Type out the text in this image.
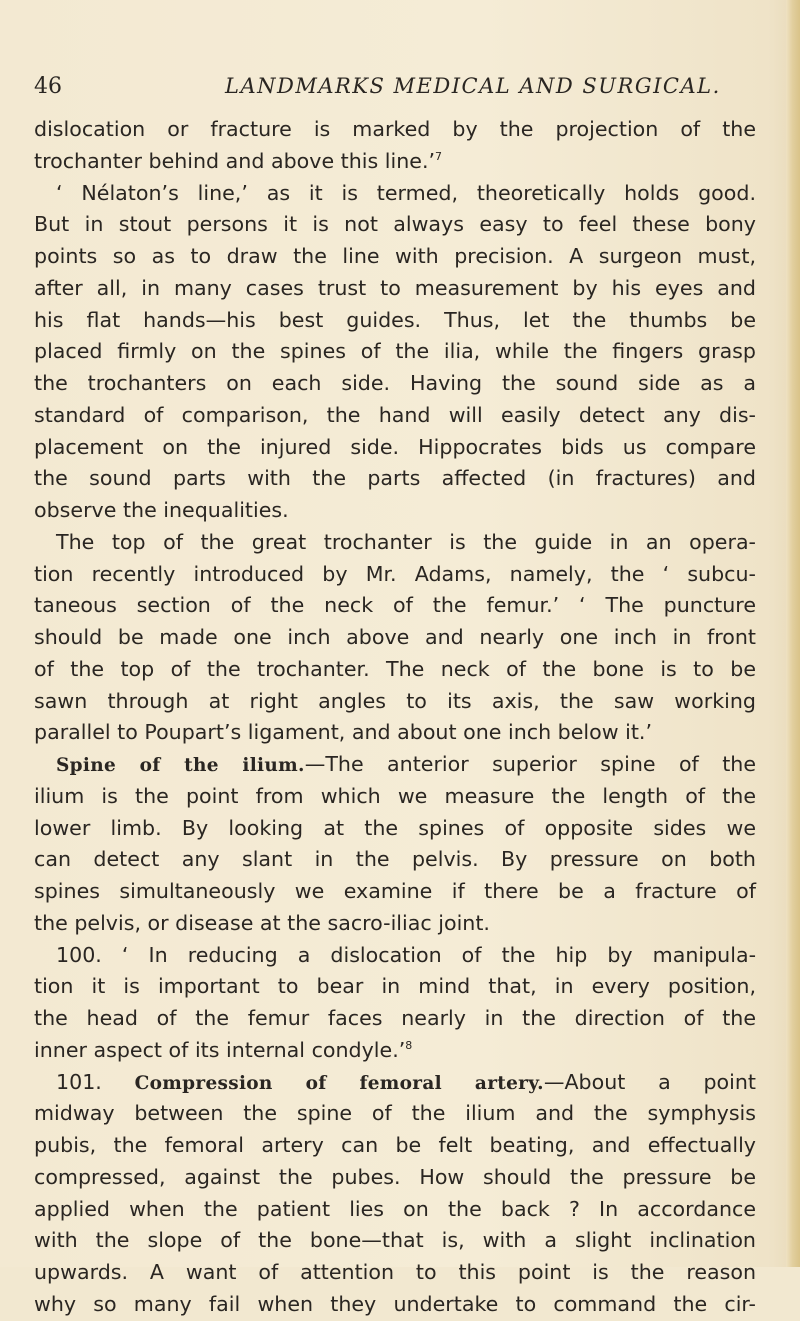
46	LANDMARKS MEDICAL AND SURGICAL.

dislocation or fracture is marked by the projection of the
trochanter behind and above this line.’$^7$

‘ Nélaton’s line,’ as it is termed, theoretically holds good.
But in stout persons it is not always easy to feel these bony
points so as to draw the line with precision. A surgeon must,
after all, in many cases trust to measurement by his eyes and
his flat hands—his best guides. Thus, let the thumbs be
placed firmly on the spines of the ilia, while the fingers grasp
the trochanters on each side. Having the sound side as a
standard of comparison, the hand will easily detect any dis-
placement on the injured side. Hippocrates bids us compare
the sound parts with the parts affected (in fractures) and
observe the inequalities.

The top of the great trochanter is the guide in an opera-
tion recently introduced by Mr. Adams, namely, the ‘ subcu-
taneous section of the neck of the femur.’ ‘ The puncture
should be made one inch above and nearly one inch in front
of the top of the trochanter. The neck of the bone is to be
sawn through at right angles to its axis, the saw working
parallel to Poupart’s ligament, and about one inch below it.’

Spine of the ilium.—The anterior superior spine of the
ilium is the point from which we measure the length of the
lower limb. By looking at the spines of opposite sides we
can detect any slant in the pelvis. By pressure on both
spines simultaneously we examine if there be a fracture of
the pelvis, or disease at the sacro-iliac joint.

100. ‘ In reducing a dislocation of the hip by manipula-
tion it is important to bear in mind that, in every position,
the head of the femur faces nearly in the direction of the
inner aspect of its internal condyle.’$^8$

101. Compression of femoral artery.—About a point
midway between the spine of the ilium and the symphysis
pubis, the femoral artery can be felt beating, and effectually
compressed, against the pubes. How should the pressure be
applied when the patient lies on the back ? In accordance
with the slope of the bone—that is, with a slight inclination
upwards. A want of attention to this point is the reason
why so many fail when they undertake to command the cir-
